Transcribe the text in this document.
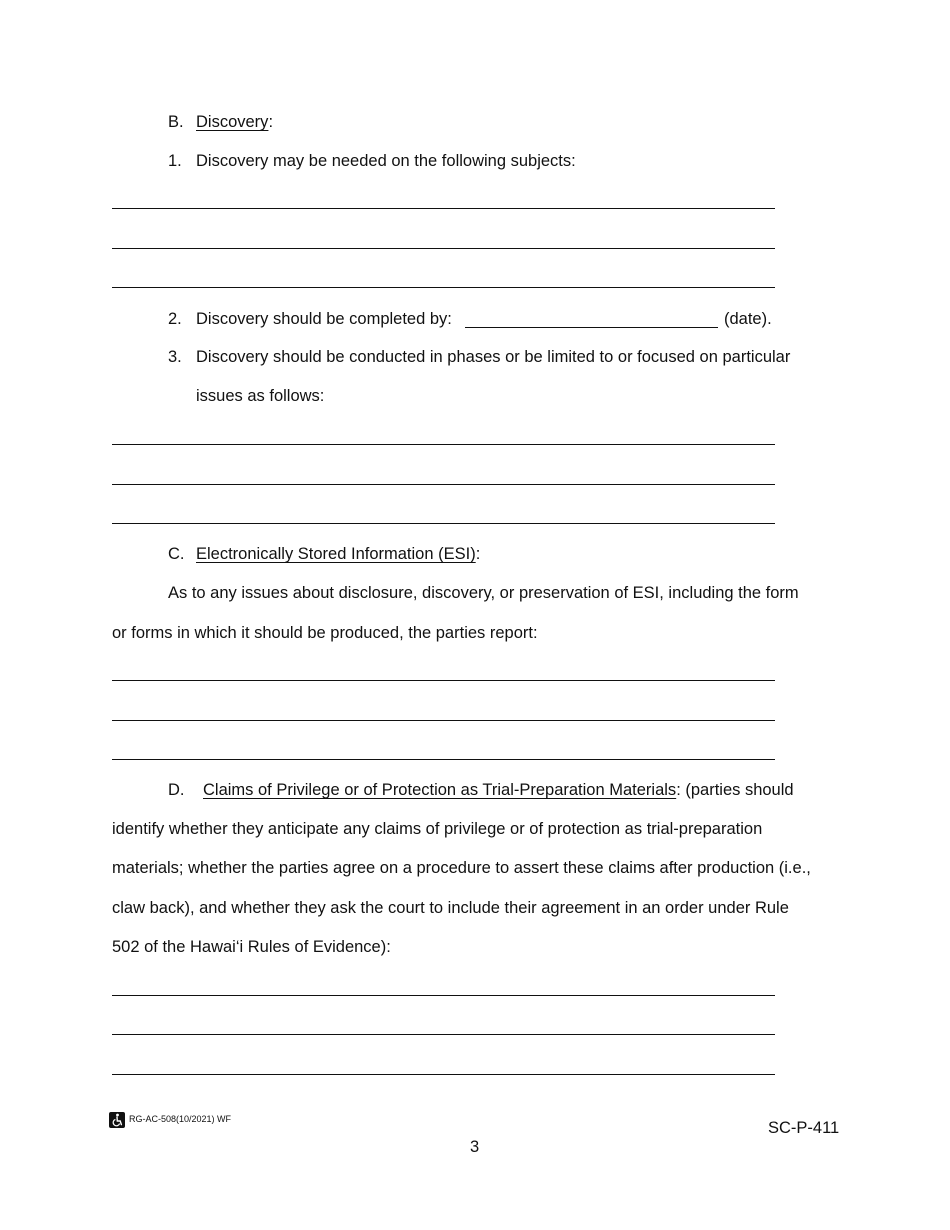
B. Discovery:
1. Discovery may be needed on the following subjects:
2. Discovery should be completed by:	(date).
3. Discovery should be conducted in phases or be limited to or focused on particular
issues as follows:
C. Electronically Stored Information (ESI):
As to any issues about disclosure, discovery, or preservation of ESI, including the form
or forms in which it should be produced, the parties report:
D. Claims of Privilege or of Protection as Trial-Preparation Materials: (parties should
identify whether they anticipate any claims of privilege or of protection as trial-preparation
materials; whether the parties agree on a procedure to assert these claims after production (i.e.,
claw back), and whether they ask the court to include their agreement in an order under Rule
502 of the Hawai‘i Rules of Evidence):
RG-AC-508(10/2021) WF	SC-P-411
3
